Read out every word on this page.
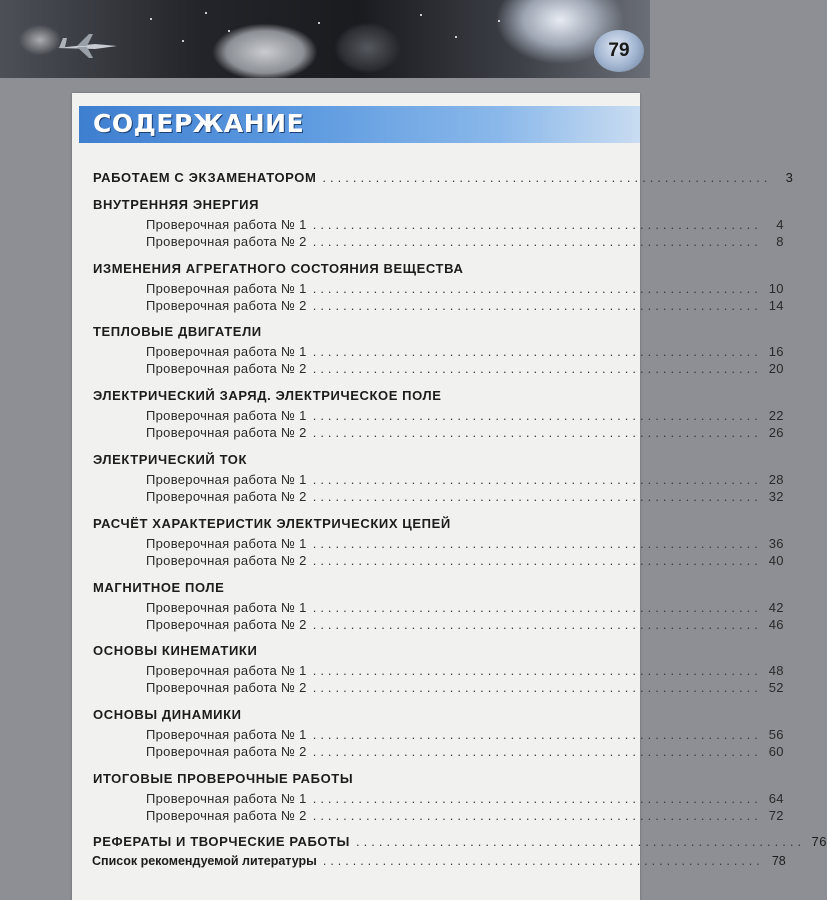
79
СОДЕРЖАНИЕ
РАБОТАЕМ С ЭКЗАМЕНАТОРОМ ...........................................................	3
ВНУТРЕННЯЯ ЭНЕРГИЯ
Проверочная работа № 1 ...........................................................	4
Проверочная работа № 2 ...........................................................	8
ИЗМЕНЕНИЯ АГРЕГАТНОГО СОСТОЯНИЯ ВЕЩЕСТВА
Проверочная работа № 1 ........................................................... 10
Проверочная работа № 2 ........................................................... 14
ТЕПЛОВЫЕ ДВИГАТЕЛИ
Проверочная работа № 1 ........................................................... 16
Проверочная работа № 2 ........................................................... 20
ЭЛЕКТРИЧЕСКИЙ ЗАРЯД. ЭЛЕКТРИЧЕСКОЕ ПОЛЕ
Проверочная работа № 1 ........................................................... 22
Проверочная работа № 2 ........................................................... 26
ЭЛЕКТРИЧЕСКИЙ ТОК
Проверочная работа № 1 ........................................................... 28
Проверочная работа № 2 ........................................................... 32
РАСЧЁТ ХАРАКТЕРИСТИК ЭЛЕКТРИЧЕСКИХ ЦЕПЕЙ
Проверочная работа № 1 ........................................................... 36
Проверочная работа № 2 ........................................................... 40
МАГНИТНОЕ ПОЛЕ
Проверочная работа № 1 ........................................................... 42
Проверочная работа № 2 ........................................................... 46
ОСНОВЫ КИНЕМАТИКИ
Проверочная работа № 1 ........................................................... 48
Проверочная работа № 2 ........................................................... 52
ОСНОВЫ ДИНАМИКИ
Проверочная работа № 1 ........................................................... 56
Проверочная работа № 2 ........................................................... 60
ИТОГОВЫЕ ПРОВЕРОЧНЫЕ РАБОТЫ
Проверочная работа № 1 ........................................................... 64
Проверочная работа № 2 ........................................................... 72
РЕФЕРАТЫ И ТВОРЧЕСКИЕ РАБОТЫ ........................................................... 76
Список рекомендуемой литературы ........................................................... 78
